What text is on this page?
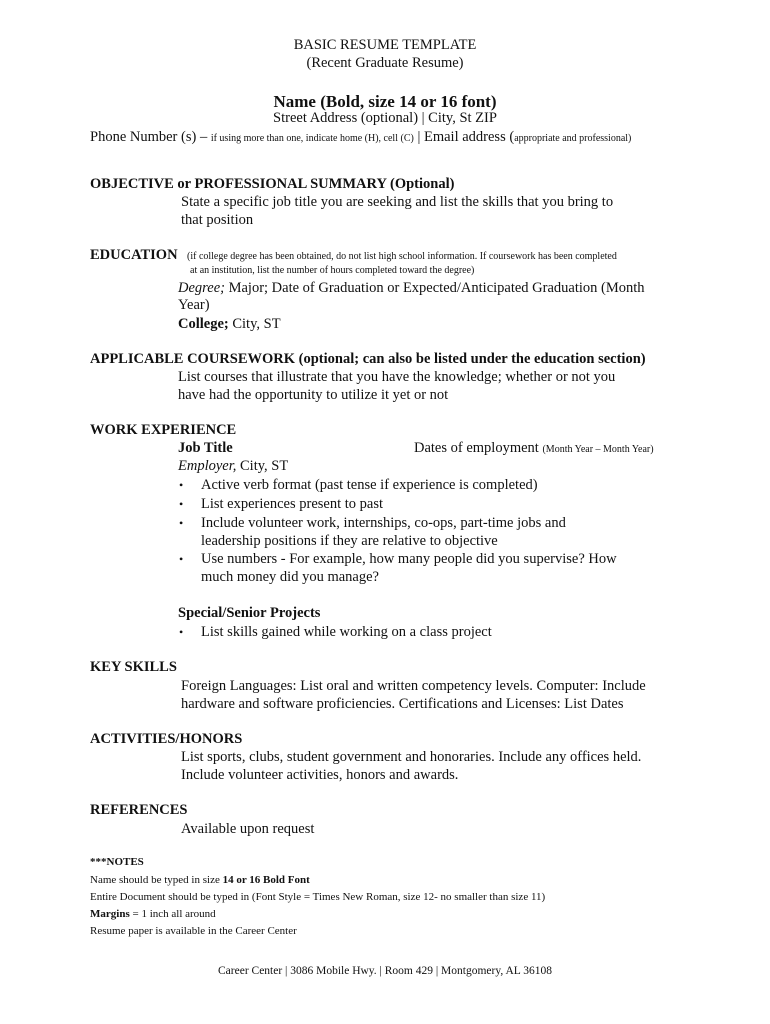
BASIC RESUME TEMPLATE
(Recent Graduate Resume)
Name (Bold, size 14 or 16 font)
Street Address (optional) | City, St ZIP
Phone Number (s) – if using more than one, indicate home (H), cell (C) | Email address (appropriate and professional)
OBJECTIVE or PROFESSIONAL SUMMARY (Optional)
State a specific job title you are seeking and list the skills that you bring to
that position
EDUCATION (if college degree has been obtained, do not list high school information. If coursework has been completed
at an institution, list the number of hours completed toward the degree)
Degree; Major; Date of Graduation or Expected/Anticipated Graduation (Month
Year)
College; City, ST
APPLICABLE COURSEWORK (optional; can also be listed under the education section)
List courses that illustrate that you have the knowledge; whether or not you
have had the opportunity to utilize it yet or not
WORK EXPERIENCE
Job Title	Dates of employment (Month Year – Month Year)
Employer, City, ST
• Active verb format (past tense if experience is completed)
• List experiences present to past
• Include volunteer work, internships, co-ops, part-time jobs and
leadership positions if they are relative to objective
• Use numbers - For example, how many people did you supervise? How
much money did you manage?
Special/Senior Projects
• List skills gained while working on a class project
KEY SKILLS
Foreign Languages: List oral and written competency levels. Computer: Include
hardware and software proficiencies. Certifications and Licenses: List Dates
ACTIVITIES/HONORS
List sports, clubs, student government and honoraries. Include any offices held.
Include volunteer activities, honors and awards.
REFERENCES
Available upon request
***NOTES
Name should be typed in size 14 or 16 Bold Font
Entire Document should be typed in (Font Style = Times New Roman, size 12- no smaller than size 11)
Margins = 1 inch all around
Resume paper is available in the Career Center
Career Center | 3086 Mobile Hwy. | Room 429 | Montgomery, AL 36108
